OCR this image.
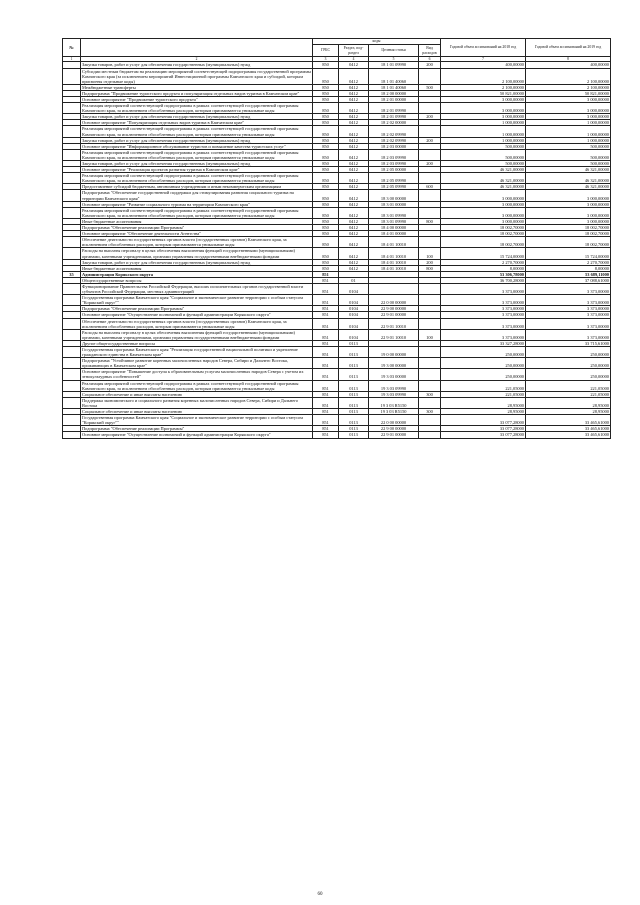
№		коды				Годовой объем ассигнований на 2018 год	Годовой объем ассигнований на 2019 год
		ГРБС	Раздел, под-раздел	Целевая статья	Вид расходов		
1	2	3	4	5	6	7	8
	Закупка товаров, работ и услуг для обеспечения государственных (муниципальных) нужд	850	0412	18 1 01 09990	200	400,00000	400,00000
	Субсидии местным бюджетам на реализацию мероприятий соответствующей подпрограммы государственной программы Камчатского края (за исключением мероприятий Инвестиционной программы Камчатского края и субсидий, которым присвоены отдельные коды)	850	0412	18 1 01 40060		2 100,00000	2 100,00000
	Межбюджетные трансферты	850	0412	18 1 01 40060	500	2 100,00000	2 100,00000
	Подпрограмма "Продвижение туристского продукта и популяризация отдельных видов туризма в Камчатском крае"	850	0412	18 2 00 00000		50 821,00000	50 821,00000
	Основное мероприятие "Продвижение туристского продукта"	850	0412	18 2 01 00000		3 000,00000	3 000,00000
	Реализация мероприятий соответствующей подпрограммы в рамках соответствующей государственной программы Камчатского края, за исключением обособленных расходов, которым присваиваются уникальные коды	850	0412	18 2 01 09990		3 000,00000	3 000,00000
	Закупка товаров, работ и услуг для обеспечения государственных (муниципальных) нужд	850	0412	18 2 01 09990	200	3 000,00000	3 000,00000
	Основное мероприятие "Популяризация отдельных видов туризма в Камчатском крае"	850	0412	18 2 02 00000		1 000,00000	1 000,00000
	Реализация мероприятий соответствующей подпрограммы в рамках соответствующей государственной программы Камчатского края, за исключением обособленных расходов, которым присваиваются уникальные коды	850	0412	18 2 02 09990		1 000,00000	1 000,00000
	Закупка товаров, работ и услуг для обеспечения государственных (муниципальных) нужд	850	0412	18 2 02 09990	200	1 000,00000	1 000,00000
	Основное мероприятие "Информационное обслуживание туристов и повышение качества туристских услуг"	850	0412	18 2 03 00000		500,00000	500,00000
	Реализация мероприятий соответствующей подпрограммы в рамках соответствующей государственной программы Камчатского края, за исключением обособленных расходов, которым присваиваются уникальные коды	850	0412	18 2 03 09990		500,00000	500,00000
	Закупка товаров, работ и услуг для обеспечения государственных (муниципальных) нужд	850	0412	18 2 03 09990	200	500,00000	500,00000
	Основное мероприятие "Реализация проектов развития туризма в Камчатском крае"	850	0412	18 2 05 00000		46 321,00000	46 321,00000
	Реализация мероприятий соответствующей подпрограммы в рамках соответствующей государственной программы Камчатского края, за исключением обособленных расходов, которым присваиваются уникальные коды	850	0412	18 2 05 09990		46 321,00000	46 321,00000
	Предоставление субсидий бюджетным, автономным учреждениям и иным некоммерческим организациям	850	0412	18 2 05 09990	600	46 321,00000	46 321,00000
	Подпрограмма "Обеспечение государственной поддержки для стимулирования развития социального туризма на территории Камчатского края"	850	0412	18 3 00 00000		3 000,00000	3 000,00000
	Основное мероприятие "Развитие социального туризма на территории Камчатского края"	850	0412	18 3 01 00000		3 000,00000	3 000,00000
	Реализация мероприятий соответствующей подпрограммы в рамках соответствующей государственной программы Камчатского края, за исключением обособленных расходов, которым присваиваются уникальные коды	850	0412	18 3 01 09990		3 000,00000	3 000,00000
	Иные бюджетные ассигнования	850	0412	18 3 01 09990	800	3 000,00000	3 000,00000
	Подпрограмма "Обеспечение реализации Программы"	850	0412	18 4 00 00000		18 002,70000	18 002,70000
	Основное мероприятие "Обеспечение деятельности Агентства"	850	0412	18 4 01 00000		18 002,70000	18 002,70000
	Обеспечение деятельности государственных органов власти (государственных органов) Камчатского края, за исключением обособленных расходов, которым присваиваются уникальные коды	850	0412	18 4 01 10010		18 002,70000	18 002,70000
	Расходы на выплаты персоналу в целях обеспечения выполнения функций государственными (муниципальными) органами, казенными учреждениями, органами управления государственными внебюджетными фондами	850	0412	18 4 01 10010	100	15 724,00000	15 724,00000
	Закупка товаров, работ и услуг для обеспечения государственных (муниципальных) нужд	850	0412	18 4 01 10010	200	2 270,70000	2 270,70000
	Иные бюджетные ассигнования	850	0412	18 4 01 10010	800	8,00000	8,00000
35	Администрация Корякского округа	851				53 306,78000	53 689,11000
	Общегосударственные вопросы	851	01			36 700,28000	37 088,61000
	Функционирование Правительства Российской Федерации, высших исполнительных органов государственной власти субъектов Российской Федерации, местных администраций	851	0104			3 373,00000	3 373,00000
	Государственная программа Камчатского края "Социальное и экономическое развитие территории с особым статусом "Корякский округ""	851	0104	22 0 00 00000		3 373,00000	3 373,00000
	Подпрограмма "Обеспечение реализации Программы"	851	0104	22 9 00 00000		3 373,00000	3 373,00000
	Основное мероприятие "Осуществление полномочий и функций администрации Корякского округа"	851	0104	22 9 01 00000		3 373,00000	3 373,00000
	Обеспечение деятельности государственных органов власти (государственных органов) Камчатского края, за исключением обособленных расходов, которым присваиваются уникальные коды	851	0104	22 9 01 10010		3 373,00000	3 373,00000
	Расходы на выплаты персоналу в целях обеспечения выполнения функций государственными (муниципальными) органами, казенными учреждениями, органами управления государственными внебюджетными фондами	851	0104	22 9 01 10010	100	3 373,00000	3 373,00000
	Другие общегосударственные вопросы	851	0113			33 327,28000	33 715,61000
	Государственная программа Камчатского края "Реализация государственной национальной политики и укрепление гражданского единства в Камчатском крае"	851	0113	19 0 00 00000		250,00000	250,00000
	Подпрограмма "Устойчивое развитие коренных малочисленных народов Севера, Сибири и Дальнего Востока, проживающих в Камчатском крае"	851	0113	19 3 00 00000		250,00000	250,00000
	Основное мероприятие "Повышение доступа к образовательным услугам малочисленных народов Севера с учетом их этнокультурных особенностей"	851	0113	19 3 03 00000		250,00000	250,00000
	Реализация мероприятий соответствующей подпрограммы в рамках соответствующей государственной программы Камчатского края, за исключением обособленных расходов, которым присваиваются уникальные коды	851	0113	19 3 03 09990		221,05000	221,05000
	Социальное обеспечение и иные выплаты населению	851	0113	19 3 03 09990	300	221,05000	221,05000
	Поддержка экономического и социального развития коренных малочисленных народов Севера, Сибири и Дальнего Востока	851	0113	19 3 03 R5150		28,95000	28,95000
	Социальное обеспечение и иные выплаты населению	851	0113	19 3 03 R5150	300	28,95000	28,95000
	Государственная программа Камчатского края "Социальное и экономическое развитие территории с особым статусом "Корякский округ""	851	0113	22 0 00 00000		33 077,28000	33 465,61000
	Подпрограмма "Обеспечение реализации Программы"	851	0113	22 9 00 00000		33 077,28000	33 465,61000
	Основное мероприятие "Осуществление полномочий и функций администрации Корякского округа"	851	0113	22 9 01 00000		33 077,28000	33 465,61000
60
